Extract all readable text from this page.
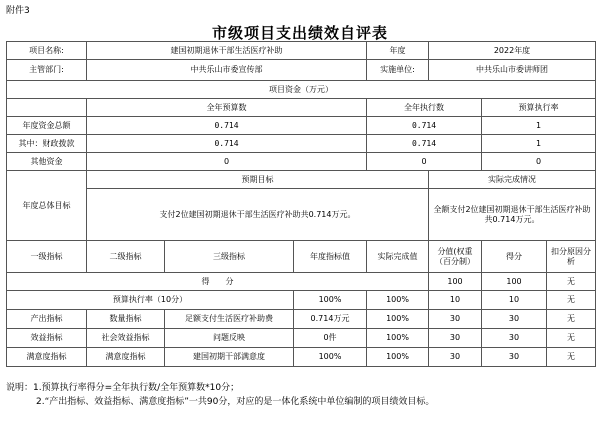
附件3
市级项目支出绩效自评表
项目名称:	建国初期退休干部生活医疗补助			年度	2022年度		
主管部门:	中共乐山市委宣传部			实施单位:	中共乐山市委讲师团		
项目资金（万元）							
	全年预算数			全年执行数		预算执行率	
年度资金总额	0.714			0.714		1	
其中：财政拨款	0.714			0.714		1	
其他资金	0			0		0	
年度总体目标	预期目标				实际完成情况		
	支付2位建国初期退休干部生活医疗补助共0.714万元。				全额支付2位建国初期退休干部生活医疗补助共0.714万元。		
一级指标	二级指标	三级指标	年度指标值	实际完成值	分值(权重（百分制）	得分	扣分原因分析
得　　分					100	100	无
预算执行率（10分）			100%	100%	10	10	无
产出指标	数量指标	足额支付生活医疗补助费	0.714万元	100%	30	30	无
效益指标	社会效益指标	问题反映	0件	100%	30	30	无
满意度指标	满意度指标	建国初期干部满意度	100%	100%	30	30	无
说明：1.预算执行率得分=全年执行数/全年预算数*10分；
2.“产出指标、效益指标、满意度指标”一共90分，对应的是一体化系统中单位编制的项目绩效目标。
